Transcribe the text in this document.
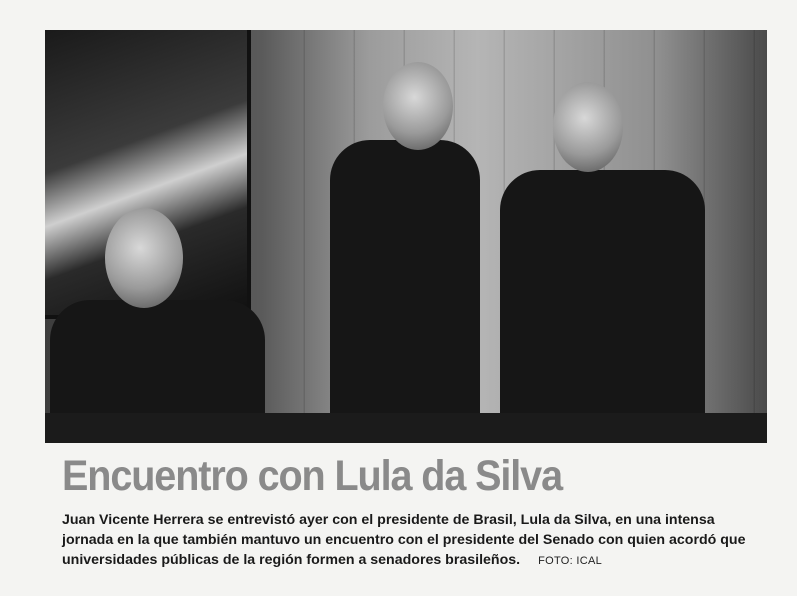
Encuentro con Lula da Silva

Juan Vicente Herrera se entrevistó ayer con el presidente de Brasil, Lula da Silva, en una intensa jornada en la que también mantuvo un encuentro con el presidente del Senado con quien acordó que universidades públicas de la región formen a senadores brasileños. FOTO: ICAL
